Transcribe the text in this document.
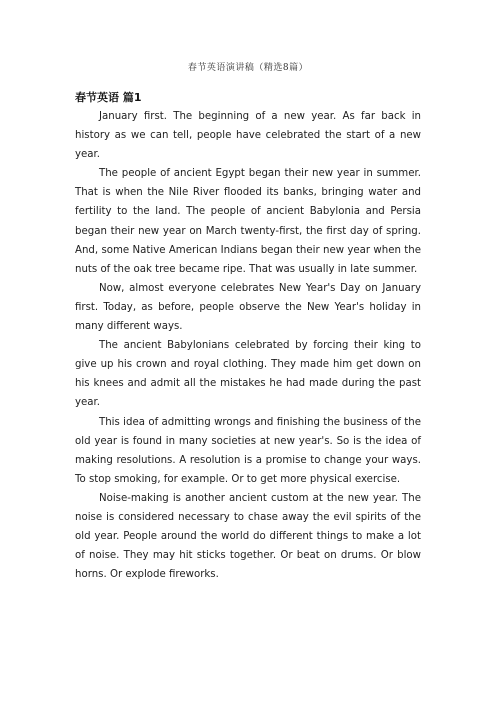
春节英语演讲稿（精选8篇）
春节英语 篇1

January first. The beginning of a new year. As far back in history as we can tell, people have celebrated the start of a new year.

The people of ancient Egypt began their new year in summer. That is when the Nile River flooded its banks, bringing water and fertility to the land. The people of ancient Babylonia and Persia began their new year on March twenty-first, the first day of spring. And, some Native American Indians began their new year when the nuts of the oak tree became ripe. That was usually in late summer.

Now, almost everyone celebrates New Year's Day on January first. Today, as before, people observe the New Year's holiday in many different ways.

The ancient Babylonians celebrated by forcing their king to give up his crown and royal clothing. They made him get down on his knees and admit all the mistakes he had made during the past year.

This idea of admitting wrongs and finishing the business of the old year is found in many societies at new year's. So is the idea of making resolutions. A resolution is a promise to change your ways. To stop smoking, for example. Or to get more physical exercise.

Noise-making is another ancient custom at the new year. The noise is considered necessary to chase away the evil spirits of the old year. People around the world do different things to make a lot of noise. They may hit sticks together. Or beat on drums. Or blow horns. Or explode fireworks.
